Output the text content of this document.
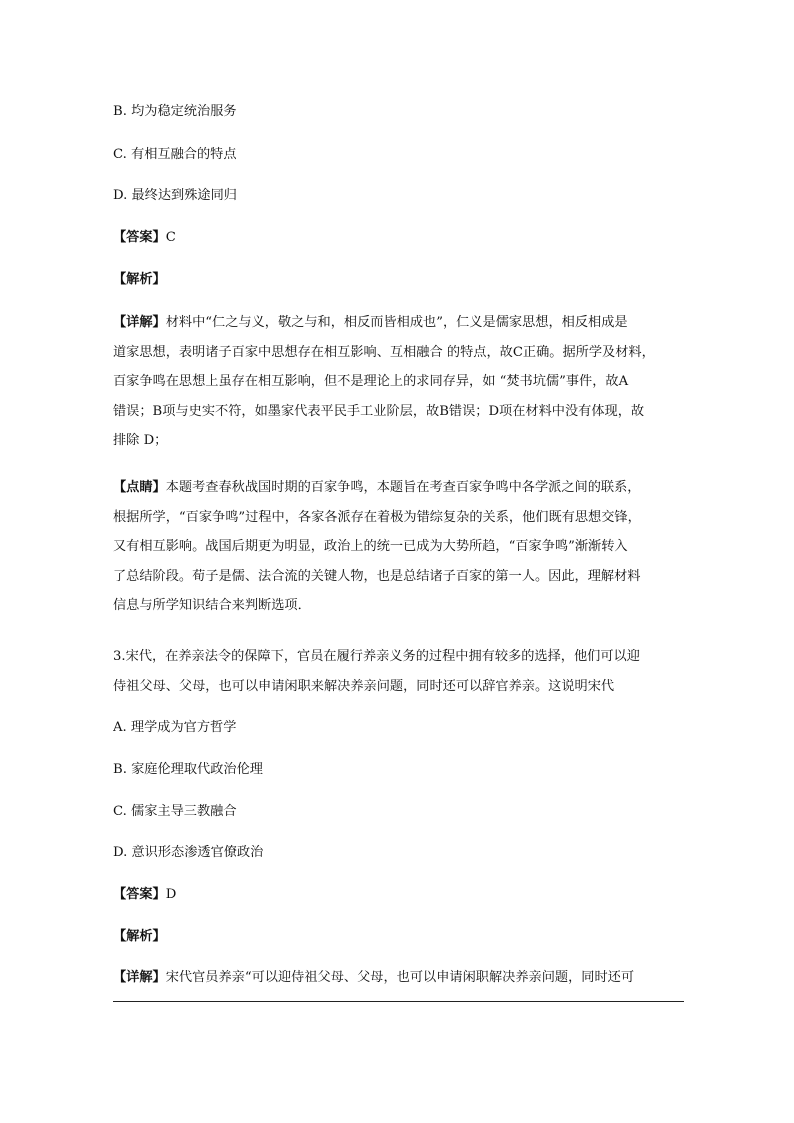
B. 均为稳定统治服务
C. 有相互融合的特点
D. 最终达到殊途同归
【答案】C
【解析】
【详解】材料中“仁之与义，敬之与和，相反而皆相成也”，仁义是儒家思想，相反相成是
道家思想，表明诸子百家中思想存在相互影响、互相融合 的特点，故C正确。据所学及材料，
百家争鸣在思想上虽存在相互影响，但不是理论上的求同存异，如 “焚书坑儒”事件，故A
错误；B项与史实不符，如墨家代表平民手工业阶层，故B错误；D项在材料中没有体现，故
排除 D；
【点睛】本题考查春秋战国时期的百家争鸣，本题旨在考查百家争鸣中各学派之间的联系，
根据所学，“百家争鸣”过程中，各家各派存在着极为错综复杂的关系，他们既有思想交锋，
又有相互影响。战国后期更为明显，政治上的统一已成为大势所趋，“百家争鸣”渐渐转入
了总结阶段。荀子是儒、法合流的关键人物，也是总结诸子百家的第一人。因此，理解材料
信息与所学知识结合来判断选项．
3.宋代，在养亲法令的保障下，官员在履行养亲义务的过程中拥有较多的选择，他们可以迎
侍祖父母、父母，也可以申请闲职来解决养亲问题，同时还可以辞官养亲。这说明宋代
A. 理学成为官方哲学
B. 家庭伦理取代政治伦理
C. 儒家主导三教融合
D. 意识形态渗透官僚政治
【答案】D
【解析】
【详解】宋代官员养亲“可以迎侍祖父母、父母，也可以申请闲职解决养亲问题，同时还可
